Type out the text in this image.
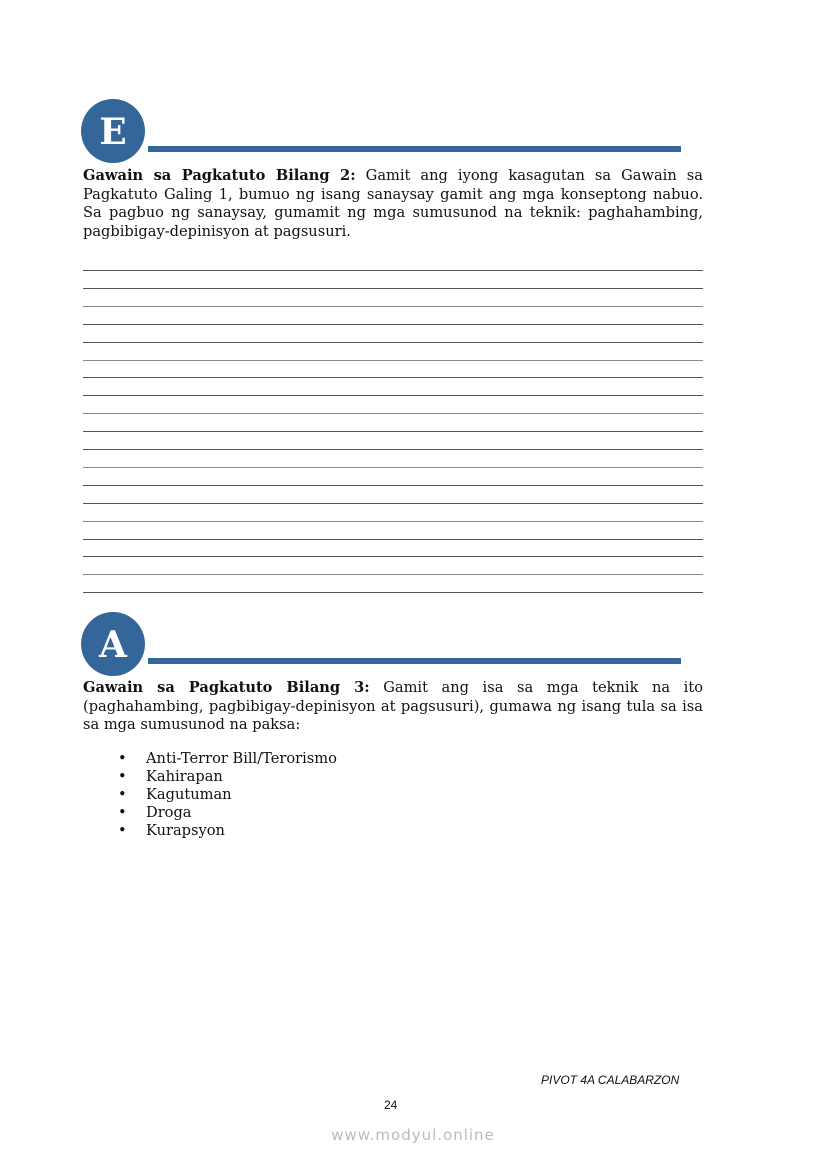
E
Gawain sa Pagkatuto Bilang 2: Gamit ang iyong kasagutan sa Gawain sa Pagkatuto Galing 1, bumuo ng isang sanaysay gamit ang mga konseptong nabuo. Sa pagbuo ng sanaysay, gumamit ng mga sumusunod na teknik: paghahambing, pagbibigay-depinisyon at pagsusuri.
A
Gawain sa Pagkatuto Bilang 3: Gamit ang isa sa mga teknik na ito (paghahambing, pagbibigay-depinisyon at pagsusuri), gumawa ng isang tula sa isa sa mga sumusunod na paksa:
• Anti-Terror Bill/Terorismo
• Kahirapan
• Kagutuman
• Droga
• Kurapsyon
PIVOT 4A CALABARZON
24
www.modyul.online
